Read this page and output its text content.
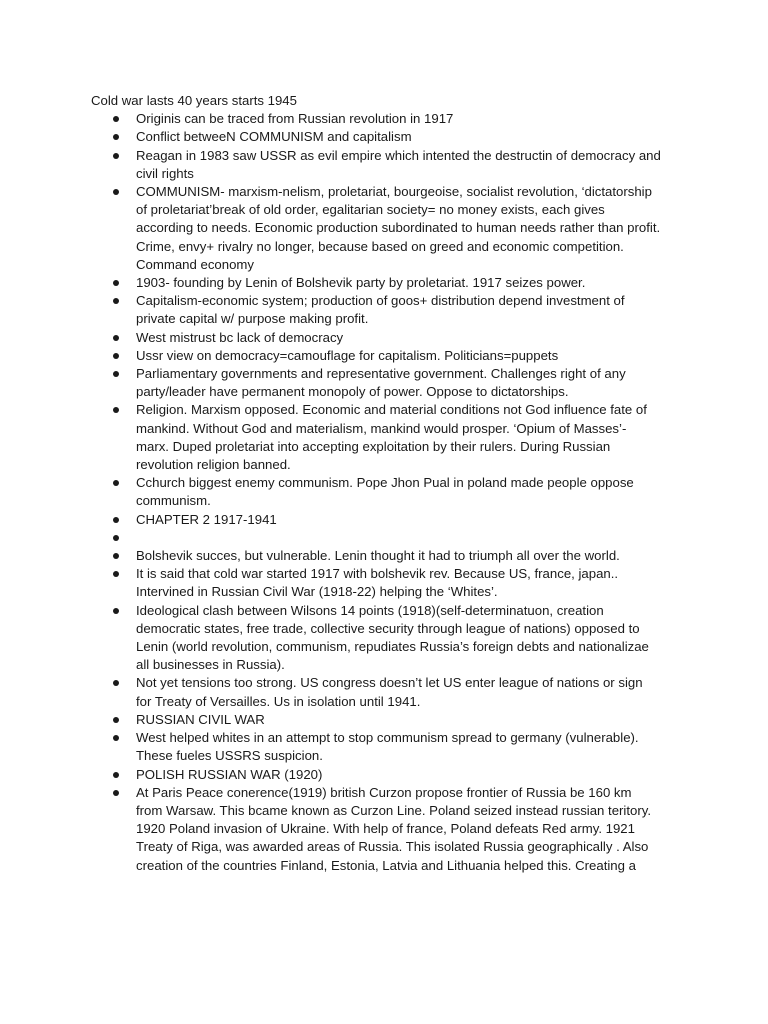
Cold war lasts 40 years starts 1945

Originis can be traced from Russian revolution in 1917
Conflict betweeN COMMUNISM and capitalism
Reagan in 1983 saw USSR as evil empire which intented the destructin of democracy and civil rights
COMMUNISM- marxism-nelism, proletariat, bourgeoise, socialist revolution, ‘dictatorship of proletariat’break of old order, egalitarian society= no money exists, each gives according to needs. Economic production subordinated to human needs rather than profit. Crime, envy+ rivalry no longer, because based on greed and economic competition. Command economy
1903- founding by Lenin of Bolshevik party by proletariat. 1917 seizes power.
Capitalism-economic system; production of goos+ distribution depend investment of private capital w/ purpose making profit.
West mistrust bc lack of democracy
Ussr view on democracy=camouflage for capitalism. Politicians=puppets
Parliamentary governments and representative government. Challenges right of any party/leader have permanent monopoly of power. Oppose to dictatorships.
Religion. Marxism opposed. Economic and material conditions not God influence fate of mankind. Without God and materialism, mankind would prosper. ‘Opium of Masses’- marx. Duped proletariat into accepting exploitation by their rulers. During Russian revolution religion banned.
Cchurch biggest enemy communism. Pope Jhon Pual in poland made people oppose communism.
CHAPTER 2 1917-1941
Bolshevik succes, but vulnerable. Lenin thought it had to triumph all over the world.
It is said that cold war started 1917 with bolshevik rev. Because US, france, japan.. Intervined in Russian Civil War (1918-22) helping the ‘Whites’.
Ideological clash between Wilsons 14 points (1918)(self-determinatuon, creation democratic states, free trade, collective security through league of nations) opposed to Lenin (world revolution, communism, repudiates Russia’s foreign debts and nationalizae all businesses in Russia).
Not yet tensions too strong. US congress doesn’t let US enter league of nations or sign for Treaty of Versailles. Us in isolation until 1941.
RUSSIAN CIVIL WAR
West helped whites in an attempt to stop communism spread to germany (vulnerable). These fueles USSRS suspicion.
POLISH RUSSIAN WAR (1920)
At Paris Peace conerence(1919) british Curzon propose frontier of Russia be 160 km from Warsaw. This bcame known as Curzon Line. Poland seized instead russian teritory. 1920 Poland invasion of Ukraine. With help of france, Poland defeats Red army. 1921 Treaty of Riga, was awarded areas of Russia. This isolated Russia geographically . Also creation of the countries Finland, Estonia, Latvia and Lithuania helped this. Creating a
